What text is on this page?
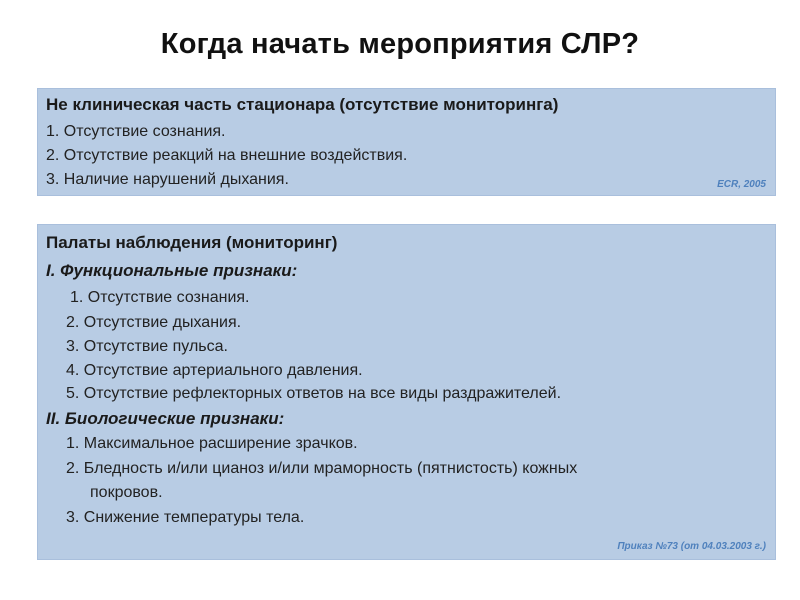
Когда начать мероприятия СЛР?
Не клиническая часть стационара (отсутствие мониторинга)
1. Отсутствие сознания.
2. Отсутствие реакций на внешние воздействия.
3. Наличие нарушений дыхания.	ECR, 2005
Палаты наблюдения (мониторинг)
I. Функциональные признаки:
1. Отсутствие сознания.
2. Отсутствие дыхания.
3. Отсутствие пульса.
4. Отсутствие артериального давления.
5. Отсутствие рефлекторных ответов на все виды раздражителей.
II. Биологические признаки:
1. Максимальное расширение зрачков.
2. Бледность и/или цианоз и/или мраморность (пятнистость) кожных
покровов.
3. Снижение температуры тела.
Приказ №73 (от 04.03.2003 г.)
